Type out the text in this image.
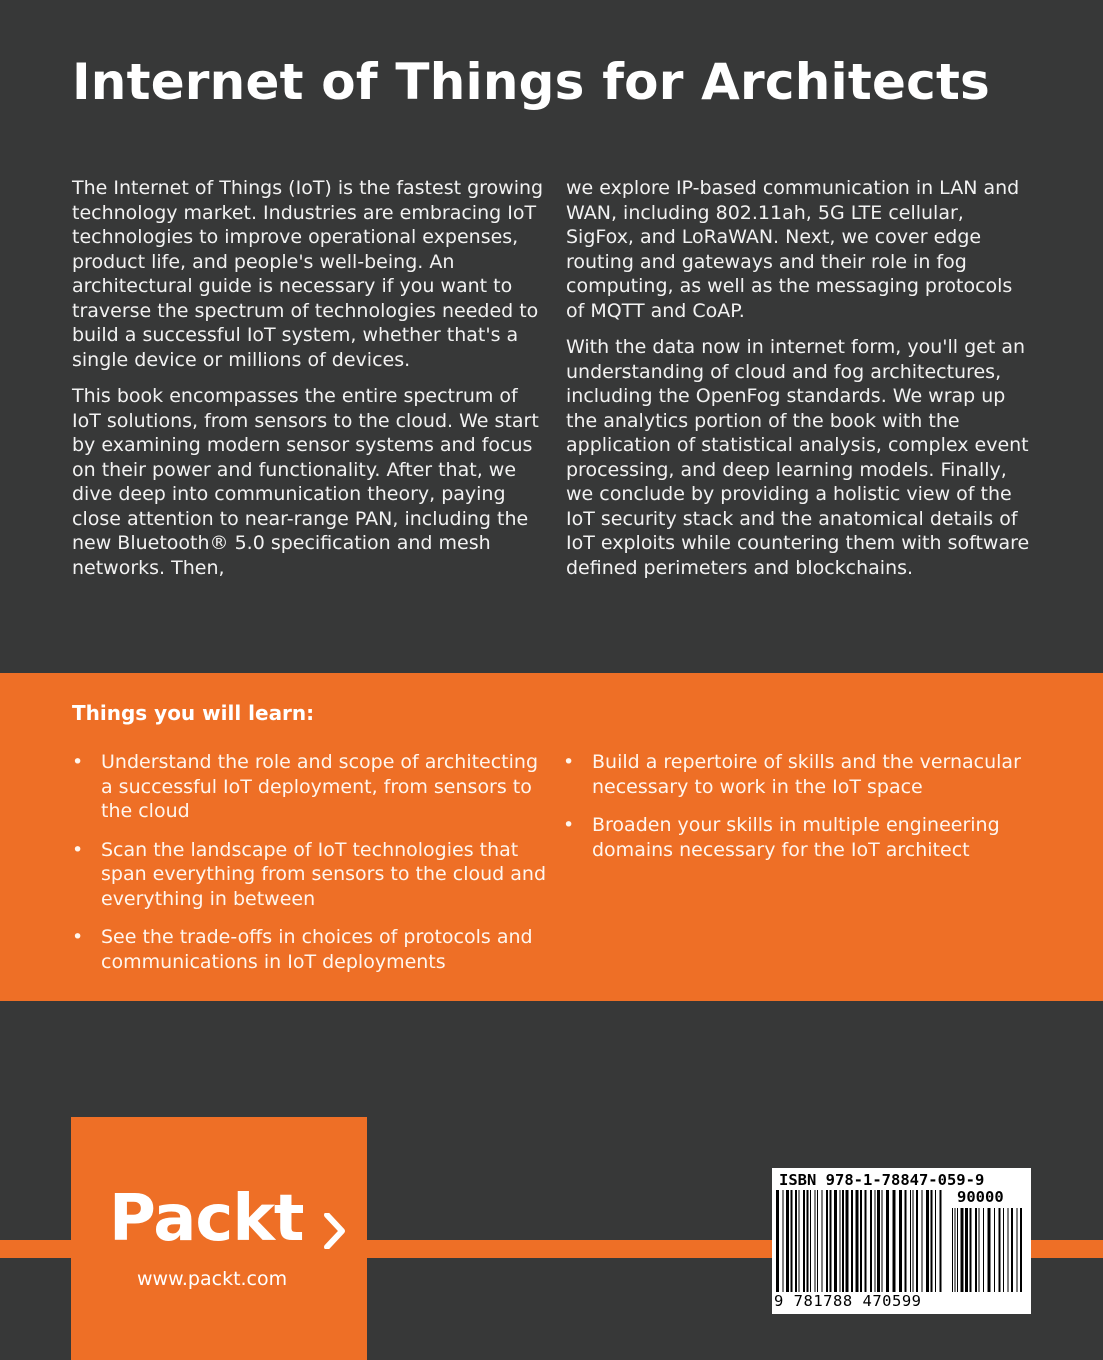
Internet of Things for Architects

The Internet of Things (IoT) is the fastest growing technology market. Industries are embracing IoT technologies to improve operational expenses, product life, and people's well-being. An architectural guide is necessary if you want to traverse the spectrum of technologies needed to build a successful IoT system, whether that's a single device or millions of devices.

This book encompasses the entire spectrum of IoT solutions, from sensors to the cloud. We start by examining modern sensor systems and focus on their power and functionality. After that, we dive deep into communication theory, paying close attention to near-range PAN, including the new Bluetooth® 5.0 specification and mesh networks. Then,

we explore IP-based communication in LAN and WAN, including 802.11ah, 5G LTE cellular, SigFox, and LoRaWAN. Next, we cover edge routing and gateways and their role in fog computing, as well as the messaging protocols of MQTT and CoAP.

With the data now in internet form, you'll get an understanding of cloud and fog architectures, including the OpenFog standards. We wrap up the analytics portion of the book with the application of statistical analysis, complex event processing, and deep learning models. Finally, we conclude by providing a holistic view of the IoT security stack and the anatomical details of IoT exploits while countering them with software defined perimeters and blockchains.

Things you will learn:
• Understand the role and scope of architecting a successful IoT deployment, from sensors to the cloud
• Scan the landscape of IoT technologies that span everything from sensors to the cloud and everything in between
• See the trade-offs in choices of protocols and communications in IoT deployments
• Build a repertoire of skills and the vernacular necessary to work in the IoT space
• Broaden your skills in multiple engineering domains necessary for the IoT architect
Packt
www.packt.com
ISBN 978-1-78847-059-9
90000
9 781788 470599
